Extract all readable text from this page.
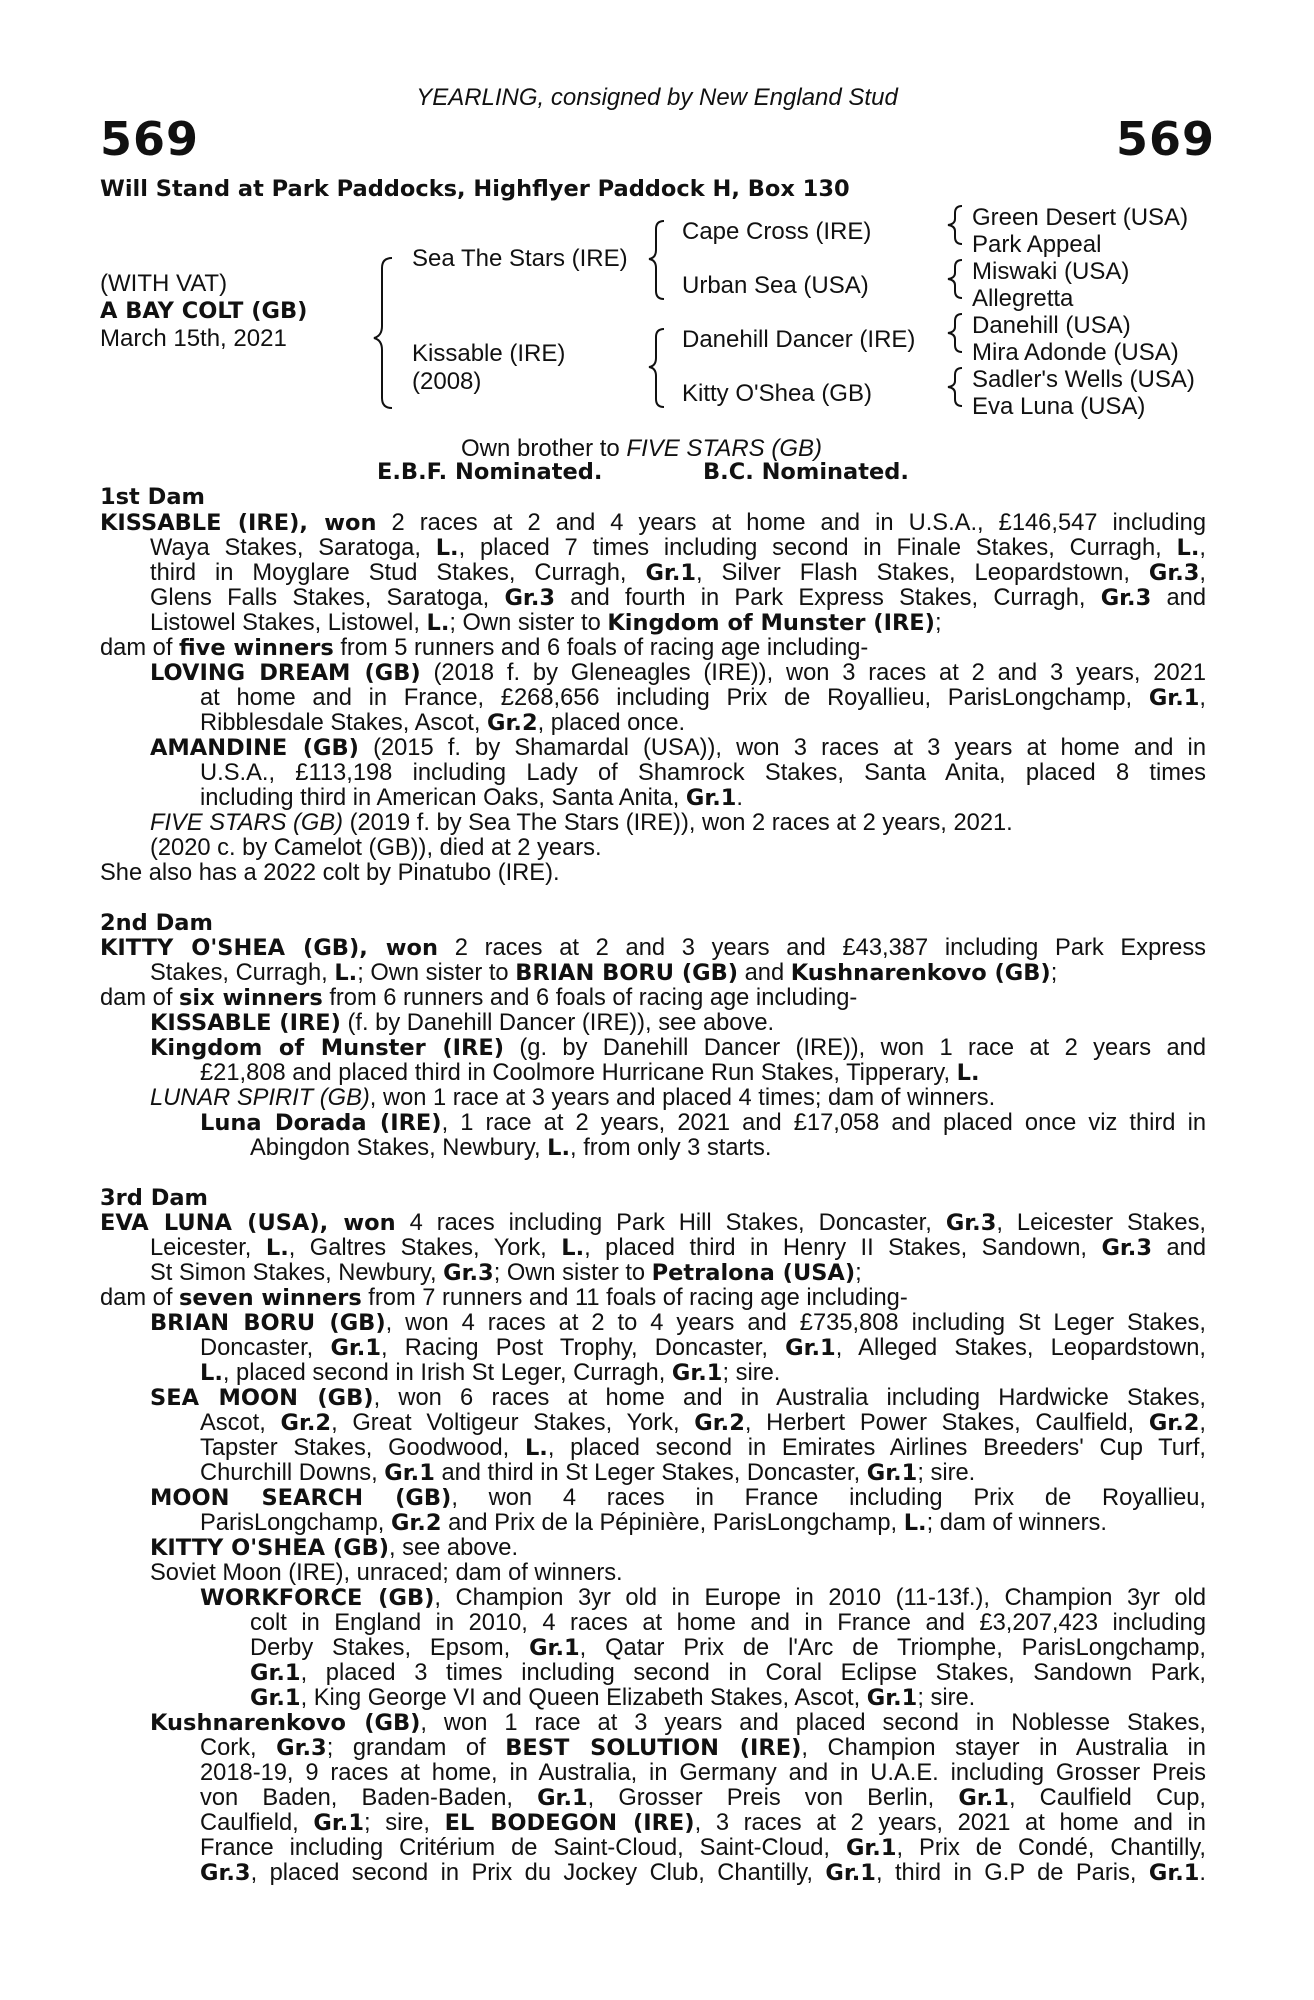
YEARLING, consigned by New England Stud
569	569
Will Stand at Park Paddocks, Highflyer Paddock H, Box 130
(WITH VAT)
A BAY COLT (GB)
March 15th, 2021
Sea The Stars (IRE)
Kissable (IRE)
(2008)
Cape Cross (IRE)
Urban Sea (USA)
Danehill Dancer (IRE)
Kitty O'Shea (GB)
Green Desert (USA)
Park Appeal
Miswaki (USA)
Allegretta
Danehill (USA)
Mira Adonde (USA)
Sadler's Wells (USA)
Eva Luna (USA)
Own brother to FIVE STARS (GB)
E.B.F. Nominated.	B.C. Nominated.
1st Dam
KISSABLE (IRE), won 2 races at 2 and 4 years at home and in U.S.A., £146,547 including
Waya Stakes, Saratoga, L., placed 7 times including second in Finale Stakes, Curragh, L.,
third in Moyglare Stud Stakes, Curragh, Gr.1, Silver Flash Stakes, Leopardstown, Gr.3,
Glens Falls Stakes, Saratoga, Gr.3 and fourth in Park Express Stakes, Curragh, Gr.3 and
Listowel Stakes, Listowel, L.; Own sister to Kingdom of Munster (IRE);
dam of five winners from 5 runners and 6 foals of racing age including-
LOVING DREAM (GB) (2018 f. by Gleneagles (IRE)), won 3 races at 2 and 3 years, 2021
at home and in France, £268,656 including Prix de Royallieu, ParisLongchamp, Gr.1,
Ribblesdale Stakes, Ascot, Gr.2, placed once.
AMANDINE (GB) (2015 f. by Shamardal (USA)), won 3 races at 3 years at home and in
U.S.A., £113,198 including Lady of Shamrock Stakes, Santa Anita, placed 8 times
including third in American Oaks, Santa Anita, Gr.1.
FIVE STARS (GB) (2019 f. by Sea The Stars (IRE)), won 2 races at 2 years, 2021.
(2020 c. by Camelot (GB)), died at 2 years.
She also has a 2022 colt by Pinatubo (IRE).
2nd Dam
KITTY O'SHEA (GB), won 2 races at 2 and 3 years and £43,387 including Park Express
Stakes, Curragh, L.; Own sister to BRIAN BORU (GB) and Kushnarenkovo (GB);
dam of six winners from 6 runners and 6 foals of racing age including-
KISSABLE (IRE) (f. by Danehill Dancer (IRE)), see above.
Kingdom of Munster (IRE) (g. by Danehill Dancer (IRE)), won 1 race at 2 years and
£21,808 and placed third in Coolmore Hurricane Run Stakes, Tipperary, L.
LUNAR SPIRIT (GB), won 1 race at 3 years and placed 4 times; dam of winners.
Luna Dorada (IRE), 1 race at 2 years, 2021 and £17,058 and placed once viz third in
Abingdon Stakes, Newbury, L., from only 3 starts.
3rd Dam
EVA LUNA (USA), won 4 races including Park Hill Stakes, Doncaster, Gr.3, Leicester Stakes,
Leicester, L., Galtres Stakes, York, L., placed third in Henry II Stakes, Sandown, Gr.3 and
St Simon Stakes, Newbury, Gr.3; Own sister to Petralona (USA);
dam of seven winners from 7 runners and 11 foals of racing age including-
BRIAN BORU (GB), won 4 races at 2 to 4 years and £735,808 including St Leger Stakes,
Doncaster, Gr.1, Racing Post Trophy, Doncaster, Gr.1, Alleged Stakes, Leopardstown,
L., placed second in Irish St Leger, Curragh, Gr.1; sire.
SEA MOON (GB), won 6 races at home and in Australia including Hardwicke Stakes,
Ascot, Gr.2, Great Voltigeur Stakes, York, Gr.2, Herbert Power Stakes, Caulfield, Gr.2,
Tapster Stakes, Goodwood, L., placed second in Emirates Airlines Breeders' Cup Turf,
Churchill Downs, Gr.1 and third in St Leger Stakes, Doncaster, Gr.1; sire.
MOON SEARCH (GB), won 4 races in France including Prix de Royallieu,
ParisLongchamp, Gr.2 and Prix de la Pépinière, ParisLongchamp, L.; dam of winners.
KITTY O'SHEA (GB), see above.
Soviet Moon (IRE), unraced; dam of winners.
WORKFORCE (GB), Champion 3yr old in Europe in 2010 (11-13f.), Champion 3yr old
colt in England in 2010, 4 races at home and in France and £3,207,423 including
Derby Stakes, Epsom, Gr.1, Qatar Prix de l'Arc de Triomphe, ParisLongchamp,
Gr.1, placed 3 times including second in Coral Eclipse Stakes, Sandown Park,
Gr.1, King George VI and Queen Elizabeth Stakes, Ascot, Gr.1; sire.
Kushnarenkovo (GB), won 1 race at 3 years and placed second in Noblesse Stakes,
Cork, Gr.3; grandam of BEST SOLUTION (IRE), Champion stayer in Australia in
2018-19, 9 races at home, in Australia, in Germany and in U.A.E. including Grosser Preis
von Baden, Baden-Baden, Gr.1, Grosser Preis von Berlin, Gr.1, Caulfield Cup,
Caulfield, Gr.1; sire, EL BODEGON (IRE), 3 races at 2 years, 2021 at home and in
France including Critérium de Saint-Cloud, Saint-Cloud, Gr.1, Prix de Condé, Chantilly,
Gr.3, placed second in Prix du Jockey Club, Chantilly, Gr.1, third in G.P de Paris, Gr.1.
